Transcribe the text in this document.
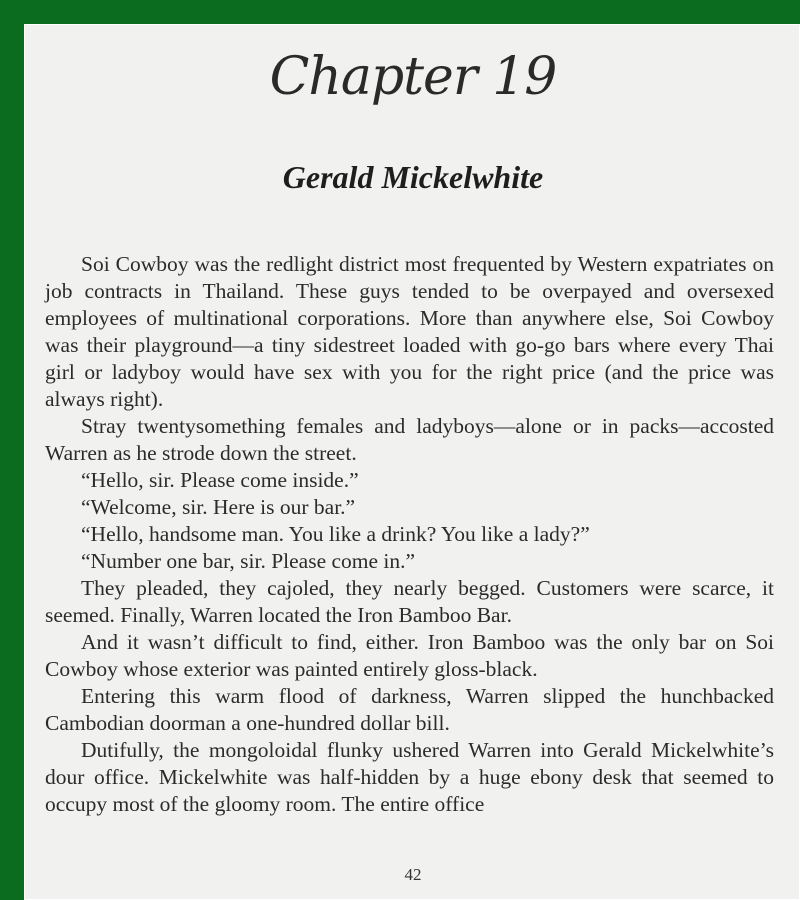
Chapter 19
Gerald Mickelwhite

Soi Cowboy was the redlight district most frequented by Western expatriates on job contracts in Thailand. These guys tended to be overpayed and oversexed employees of multinational corporations. More than anywhere else, Soi Cowboy was their playground—a tiny sidestreet loaded with go-go bars where every Thai girl or ladyboy would have sex with you for the right price (and the price was always right).

Stray twentysomething females and ladyboys—alone or in packs—accosted Warren as he strode down the street.

“Hello, sir. Please come inside.”

“Welcome, sir. Here is our bar.”

“Hello, handsome man. You like a drink? You like a lady?”

“Number one bar, sir. Please come in.”

They pleaded, they cajoled, they nearly begged. Customers were scarce, it seemed. Finally, Warren located the Iron Bamboo Bar.

And it wasn’t difficult to find, either. Iron Bamboo was the only bar on Soi Cowboy whose exterior was painted entirely gloss-black.

Entering this warm flood of darkness, Warren slipped the hunchbacked Cambodian doorman a one-hundred dollar bill.

Dutifully, the mongoloidal flunky ushered Warren into Gerald Mickelwhite’s dour office. Mickelwhite was half-hidden by a huge ebony desk that seemed to occupy most of the gloomy room. The entire office

42
